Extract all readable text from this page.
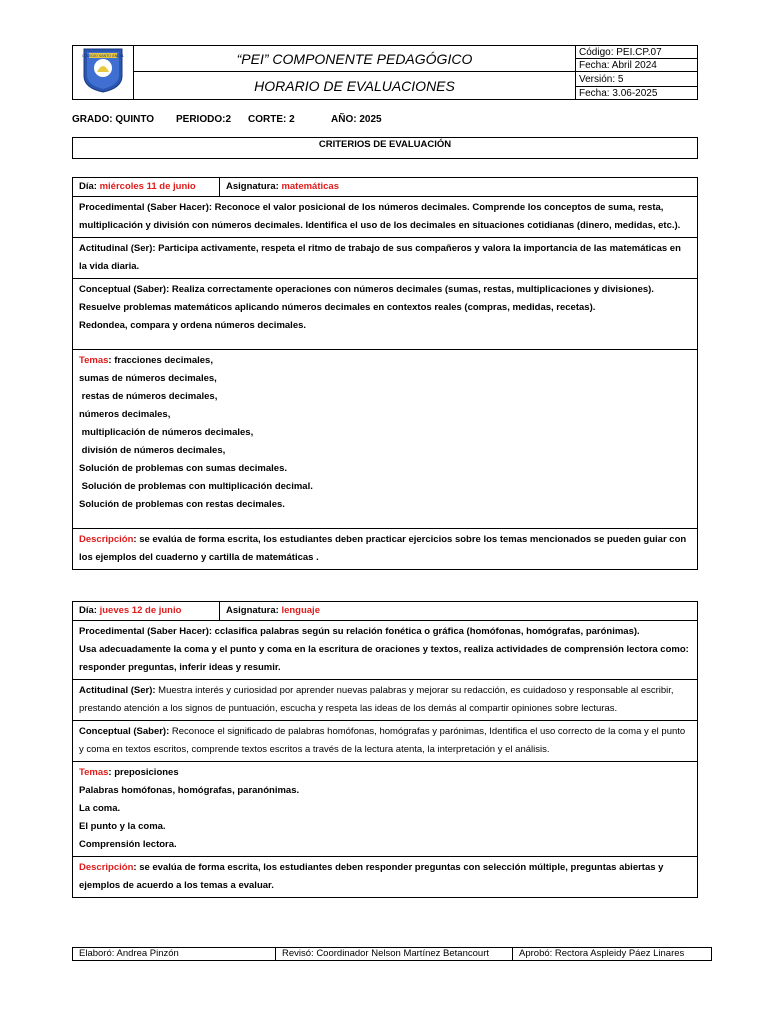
COLEGIO SANTO ÁNGEL	“PEI” COMPONENTE PEDAGÓGICO	Código: PEI.CP.07
		Fecha: Abril 2024
	HORARIO DE EVALUACIONES	Versión: 5
		Fecha: 3.06-2025
GRADO: QUINTO PERIODO:2 CORTE: 2	AÑO: 2025
CRITERIOS DE EVALUACIÓN
Día: miércoles 11 de junio	Asignatura: matemáticas
Procedimental (Saber Hacer): Reconoce el valor posicional de los números decimales. Comprende los conceptos de suma, resta, multiplicación y división con números decimales. Identifica el uso de los decimales en situaciones cotidianas (dinero, medidas, etc.).
Actitudinal (Ser): Participa activamente, respeta el ritmo de trabajo de sus compañeros y valora la importancia de las matemáticas en la vida diaria.

Conceptual (Saber): Realiza correctamente operaciones con números decimales (sumas, restas, multiplicaciones y divisiones).
Resuelve problemas matemáticos aplicando números decimales en contextos reales (compras, medidas, recetas).
Redondea, compara y ordena números decimales.

Temas: fracciones decimales,
sumas de números decimales,
restas de números decimales,
números decimales,
multiplicación de números decimales,
división de números decimales,
Solución de problemas con sumas decimales.
Solución de problemas con multiplicación decimal.
Solución de problemas con restas decimales.

Descripción: se evalúa de forma escrita, los estudiantes deben practicar ejercicios sobre los temas mencionados se pueden guiar con los ejemplos del cuaderno y cartilla de matemáticas .
Día: jueves 12 de junio	Asignatura: lenguaje

Procedimental (Saber Hacer): cclasifica palabras según su relación fonética o gráfica (homófonas, homógrafas, parónimas).
Usa adecuadamente la coma y el punto y coma en la escritura de oraciones y textos, realiza actividades de comprensión lectora como: responder preguntas, inferir ideas y resumir.
Actitudinal (Ser): Muestra interés y curiosidad por aprender nuevas palabras y mejorar su redacción, es cuidadoso y responsable al escribir, prestando atención a los signos de puntuación, escucha y respeta las ideas de los demás al compartir opiniones sobre lecturas.
Conceptual (Saber): Reconoce el significado de palabras homófonas, homógrafas y parónimas, Identifica el uso correcto de la coma y el punto y coma en textos escritos, comprende textos escritos a través de la lectura atenta, la interpretación y el análisis.

Temas: preposiciones
Palabras homófonas, homógrafas, paranónimas.
La coma.
El punto y la coma.
Comprensión lectora.

Descripción: se evalúa de forma escrita, los estudiantes deben responder preguntas con selección múltiple, preguntas abiertas y ejemplos de acuerdo a los temas a evaluar.
Elaboró: Andrea Pinzón	Revisó: Coordinador Nelson Martínez Betancourt	Aprobó: Rectora Aspleidy Páez Linares
